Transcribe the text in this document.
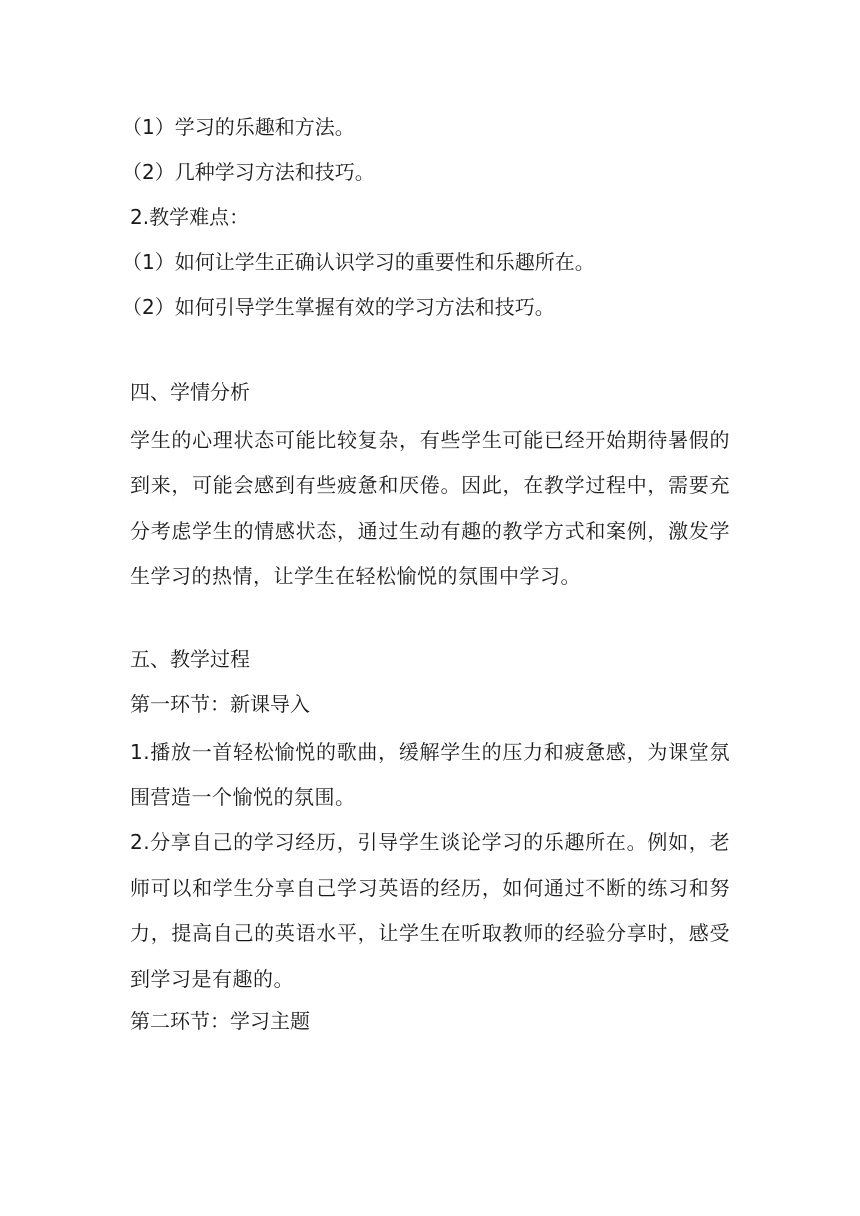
（1）学习的乐趣和方法。
（2）几种学习方法和技巧。
2.教学难点：
（1）如何让学生正确认识学习的重要性和乐趣所在。
（2）如何引导学生掌握有效的学习方法和技巧。
四、学情分析
学生的心理状态可能比较复杂，有些学生可能已经开始期待暑假的到来，可能会感到有些疲惫和厌倦。因此，在教学过程中，需要充分考虑学生的情感状态，通过生动有趣的教学方式和案例，激发学生学习的热情，让学生在轻松愉悦的氛围中学习。
五、教学过程
第一环节：新课导入
1.播放一首轻松愉悦的歌曲，缓解学生的压力和疲惫感，为课堂氛围营造一个愉悦的氛围。
2.分享自己的学习经历，引导学生谈论学习的乐趣所在。例如，老师可以和学生分享自己学习英语的经历，如何通过不断的练习和努力，提高自己的英语水平，让学生在听取教师的经验分享时，感受到学习是有趣的。
第二环节：学习主题
